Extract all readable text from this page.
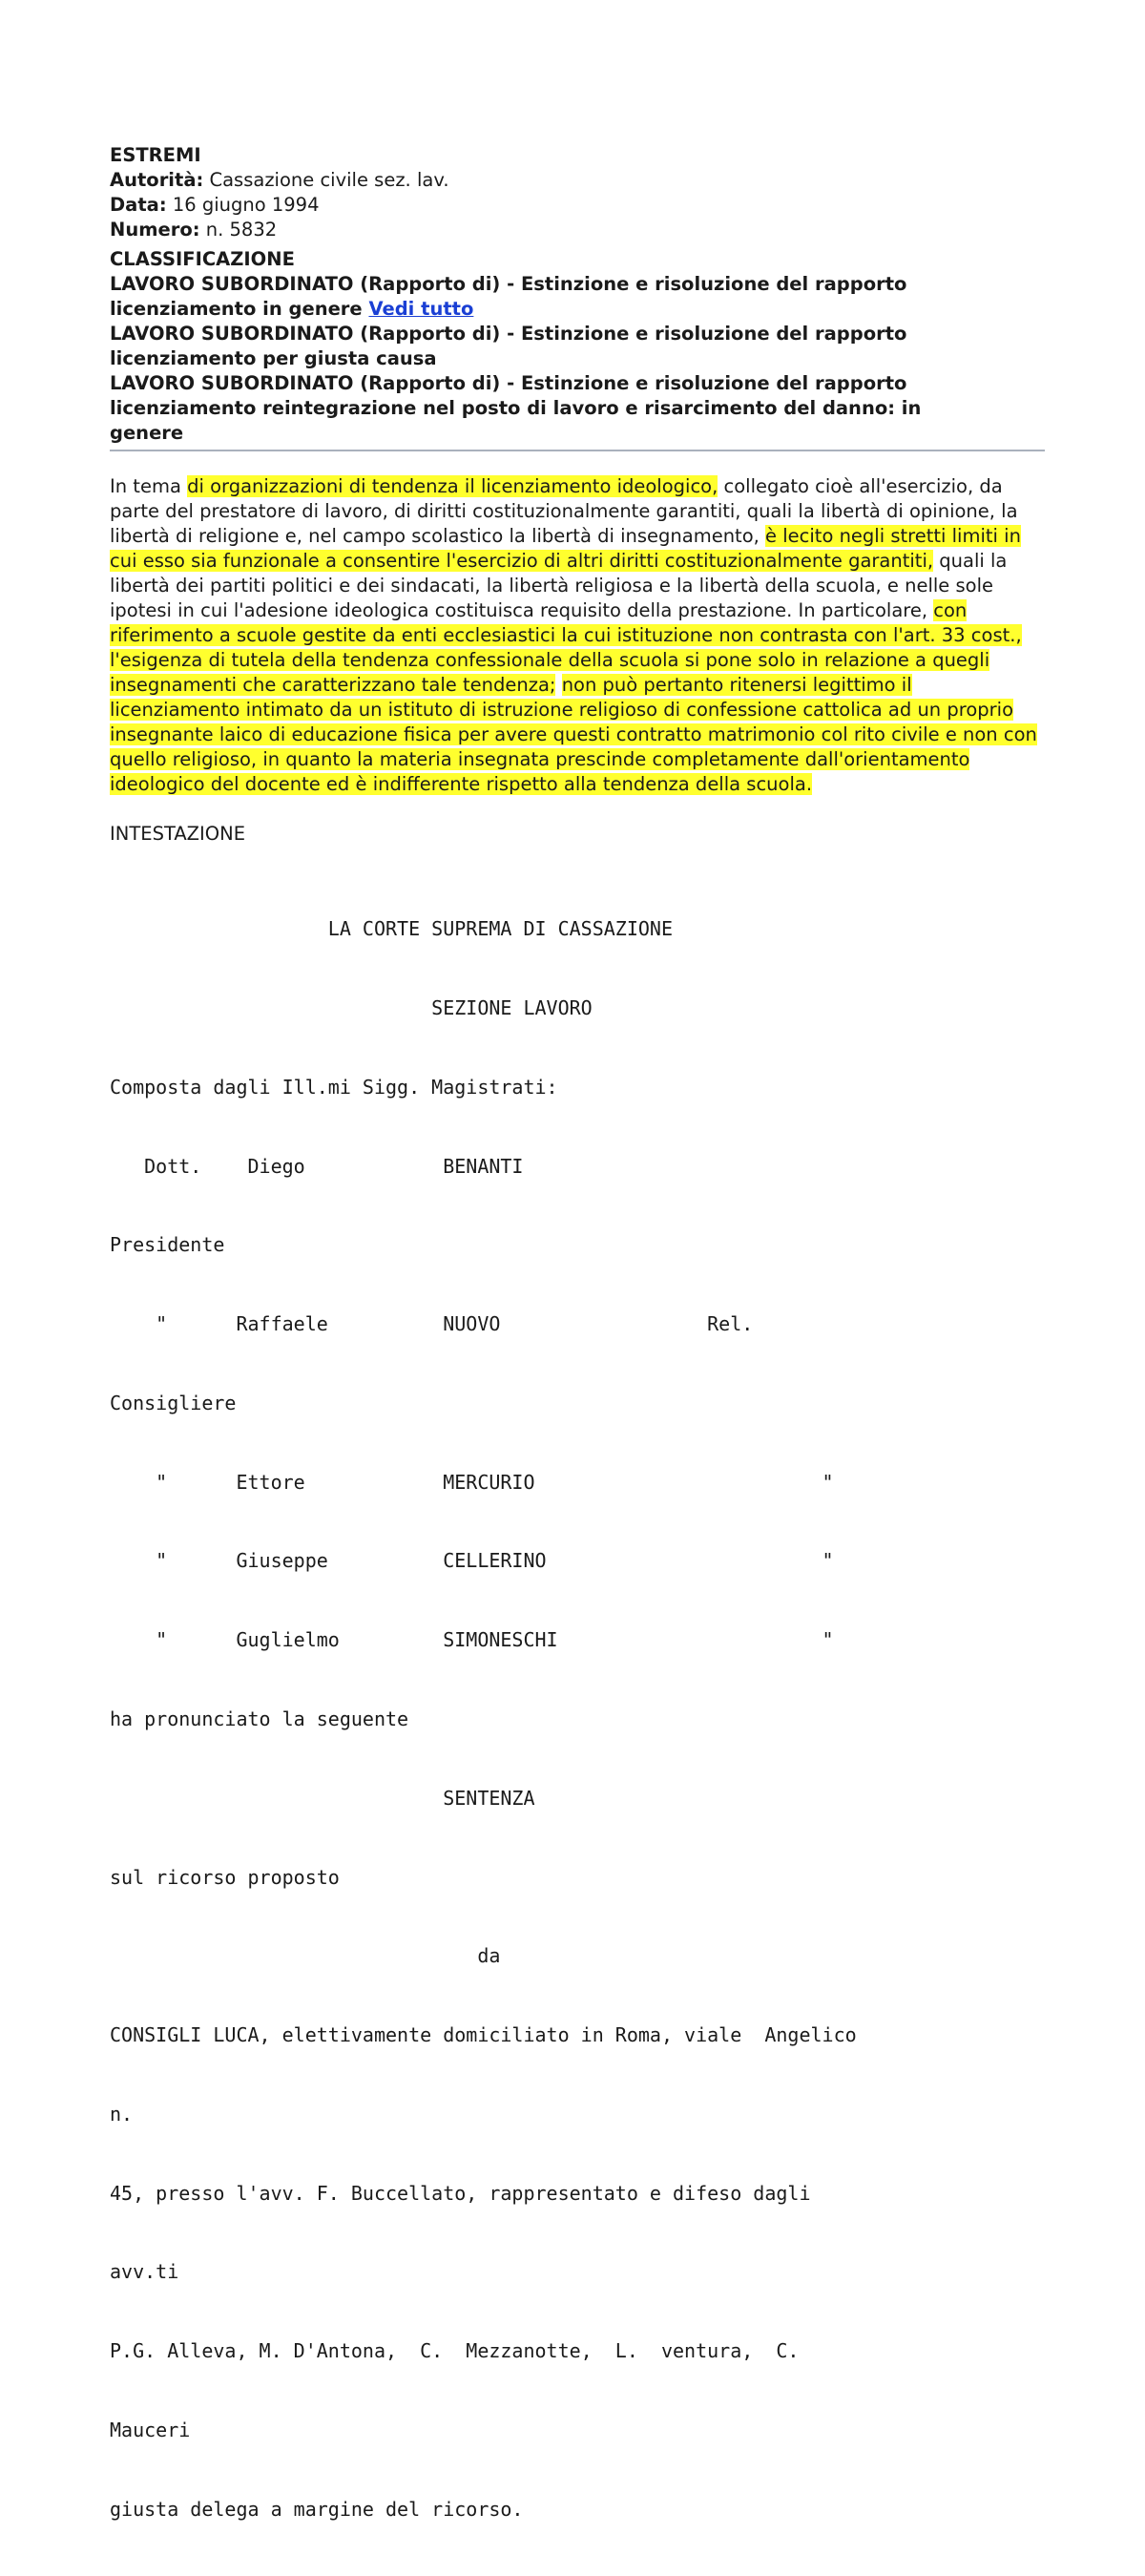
ESTREMI
Autorità: Cassazione civile sez. lav.
Data: 16 giugno 1994
Numero: n. 5832
CLASSIFICAZIONE
LAVORO SUBORDINATO (Rapporto di) - Estinzione e risoluzione del rapporto
licenziamento in genere Vedi tutto
LAVORO SUBORDINATO (Rapporto di) - Estinzione e risoluzione del rapporto
licenziamento per giusta causa
LAVORO SUBORDINATO (Rapporto di) - Estinzione e risoluzione del rapporto
licenziamento reintegrazione nel posto di lavoro e risarcimento del danno: in
genere
In tema di organizzazioni di tendenza il licenziamento ideologico, collegato cioè all'esercizio, da parte del prestatore di lavoro, di diritti costituzionalmente garantiti, quali la libertà di opinione, la libertà di religione e, nel campo scolastico la libertà di insegnamento, è lecito negli stretti limiti in cui esso sia funzionale a consentire l'esercizio di altri diritti costituzionalmente garantiti, quali la libertà dei partiti politici e dei sindacati, la libertà religiosa e la libertà della scuola, e nelle sole ipotesi in cui l'adesione ideologica costituisca requisito della prestazione. In particolare, con riferimento a scuole gestite da enti ecclesiastici la cui istituzione non contrasta con l'art. 33 cost., l'esigenza di tutela della tendenza confessionale della scuola si pone solo in relazione a quegli insegnamenti che caratterizzano tale tendenza; non può pertanto ritenersi legittimo il licenziamento intimato da un istituto di istruzione religioso di confessione cattolica ad un proprio insegnante laico di educazione fisica per avere questi contratto matrimonio col rito civile e non con quello religioso, in quanto la materia insegnata prescinde completamente dall'orientamento ideologico del docente ed è indifferente rispetto alla tendenza della scuola.
INTESTAZIONE

LA CORTE SUPREMA DI CASSAZIONE

SEZIONE LAVORO

Composta dagli Ill.mi Sigg. Magistrati:

Dott.    Diego            BENANTI

Presidente

"      Raffaele          NUOVO                  Rel.

Consigliere

"      Ettore            MERCURIO                         "

"      Giuseppe          CELLERINO                        "

"      Guglielmo         SIMONESCHI                       "

ha pronunciato la seguente

SENTENZA

sul ricorso proposto

da

CONSIGLI LUCA, elettivamente domiciliato in Roma, viale  Angelico

n.

45, presso l'avv. F. Buccellato, rappresentato e difeso dagli

avv.ti

P.G. Alleva, M. D'Antona,  C.  Mezzanotte,  L.  ventura,  C.

Mauceri

giusta delega a margine del ricorso.
